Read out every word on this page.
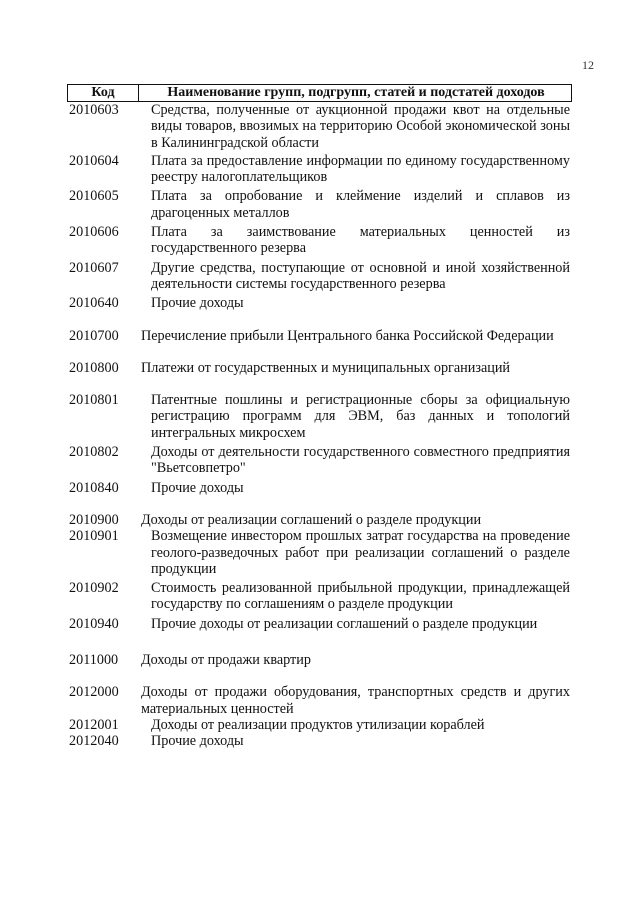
12
Код	Наименование групп, подгрупп, статей и подстатей доходов
2010603	Средства, полученные от аукционной продажи квот на отдельные виды товаров, ввозимых на территорию Особой экономической зоны в Калининградской области
2010604	Плата за предоставление информации по единому государственному реестру налогоплательщиков
2010605	Плата за опробование и клеймение изделий и сплавов из драгоценных металлов
2010606	Плата за заимствование материальных ценностей из государственного резерва
2010607	Другие средства, поступающие от основной и иной хозяйственной деятельности системы государственного резерва
2010640	Прочие доходы
2010700	Перечисление прибыли Центрального банка Российской Федерации
2010800	Платежи от государственных и муниципальных организаций
2010801	Патентные пошлины и регистрационные сборы за официальную регистрацию программ для ЭВМ, баз данных и топологий интегральных микросхем
2010802	Доходы от деятельности государственного совместного предприятия "Вьетсовпетро"
2010840	Прочие доходы
2010900	Доходы от реализации соглашений о разделе продукции
2010901	Возмещение инвестором прошлых затрат государства на проведение геолого-разведочных работ при реализации соглашений о разделе продукции
2010902	Стоимость реализованной прибыльной продукции, принадлежащей государству по соглашениям о разделе продукции
2010940	Прочие доходы от реализации соглашений о разделе продукции
2011000	Доходы от продажи квартир
2012000	Доходы от продажи оборудования, транспортных средств и других материальных ценностей
2012001	Доходы от реализации продуктов утилизации кораблей
2012040	Прочие доходы
